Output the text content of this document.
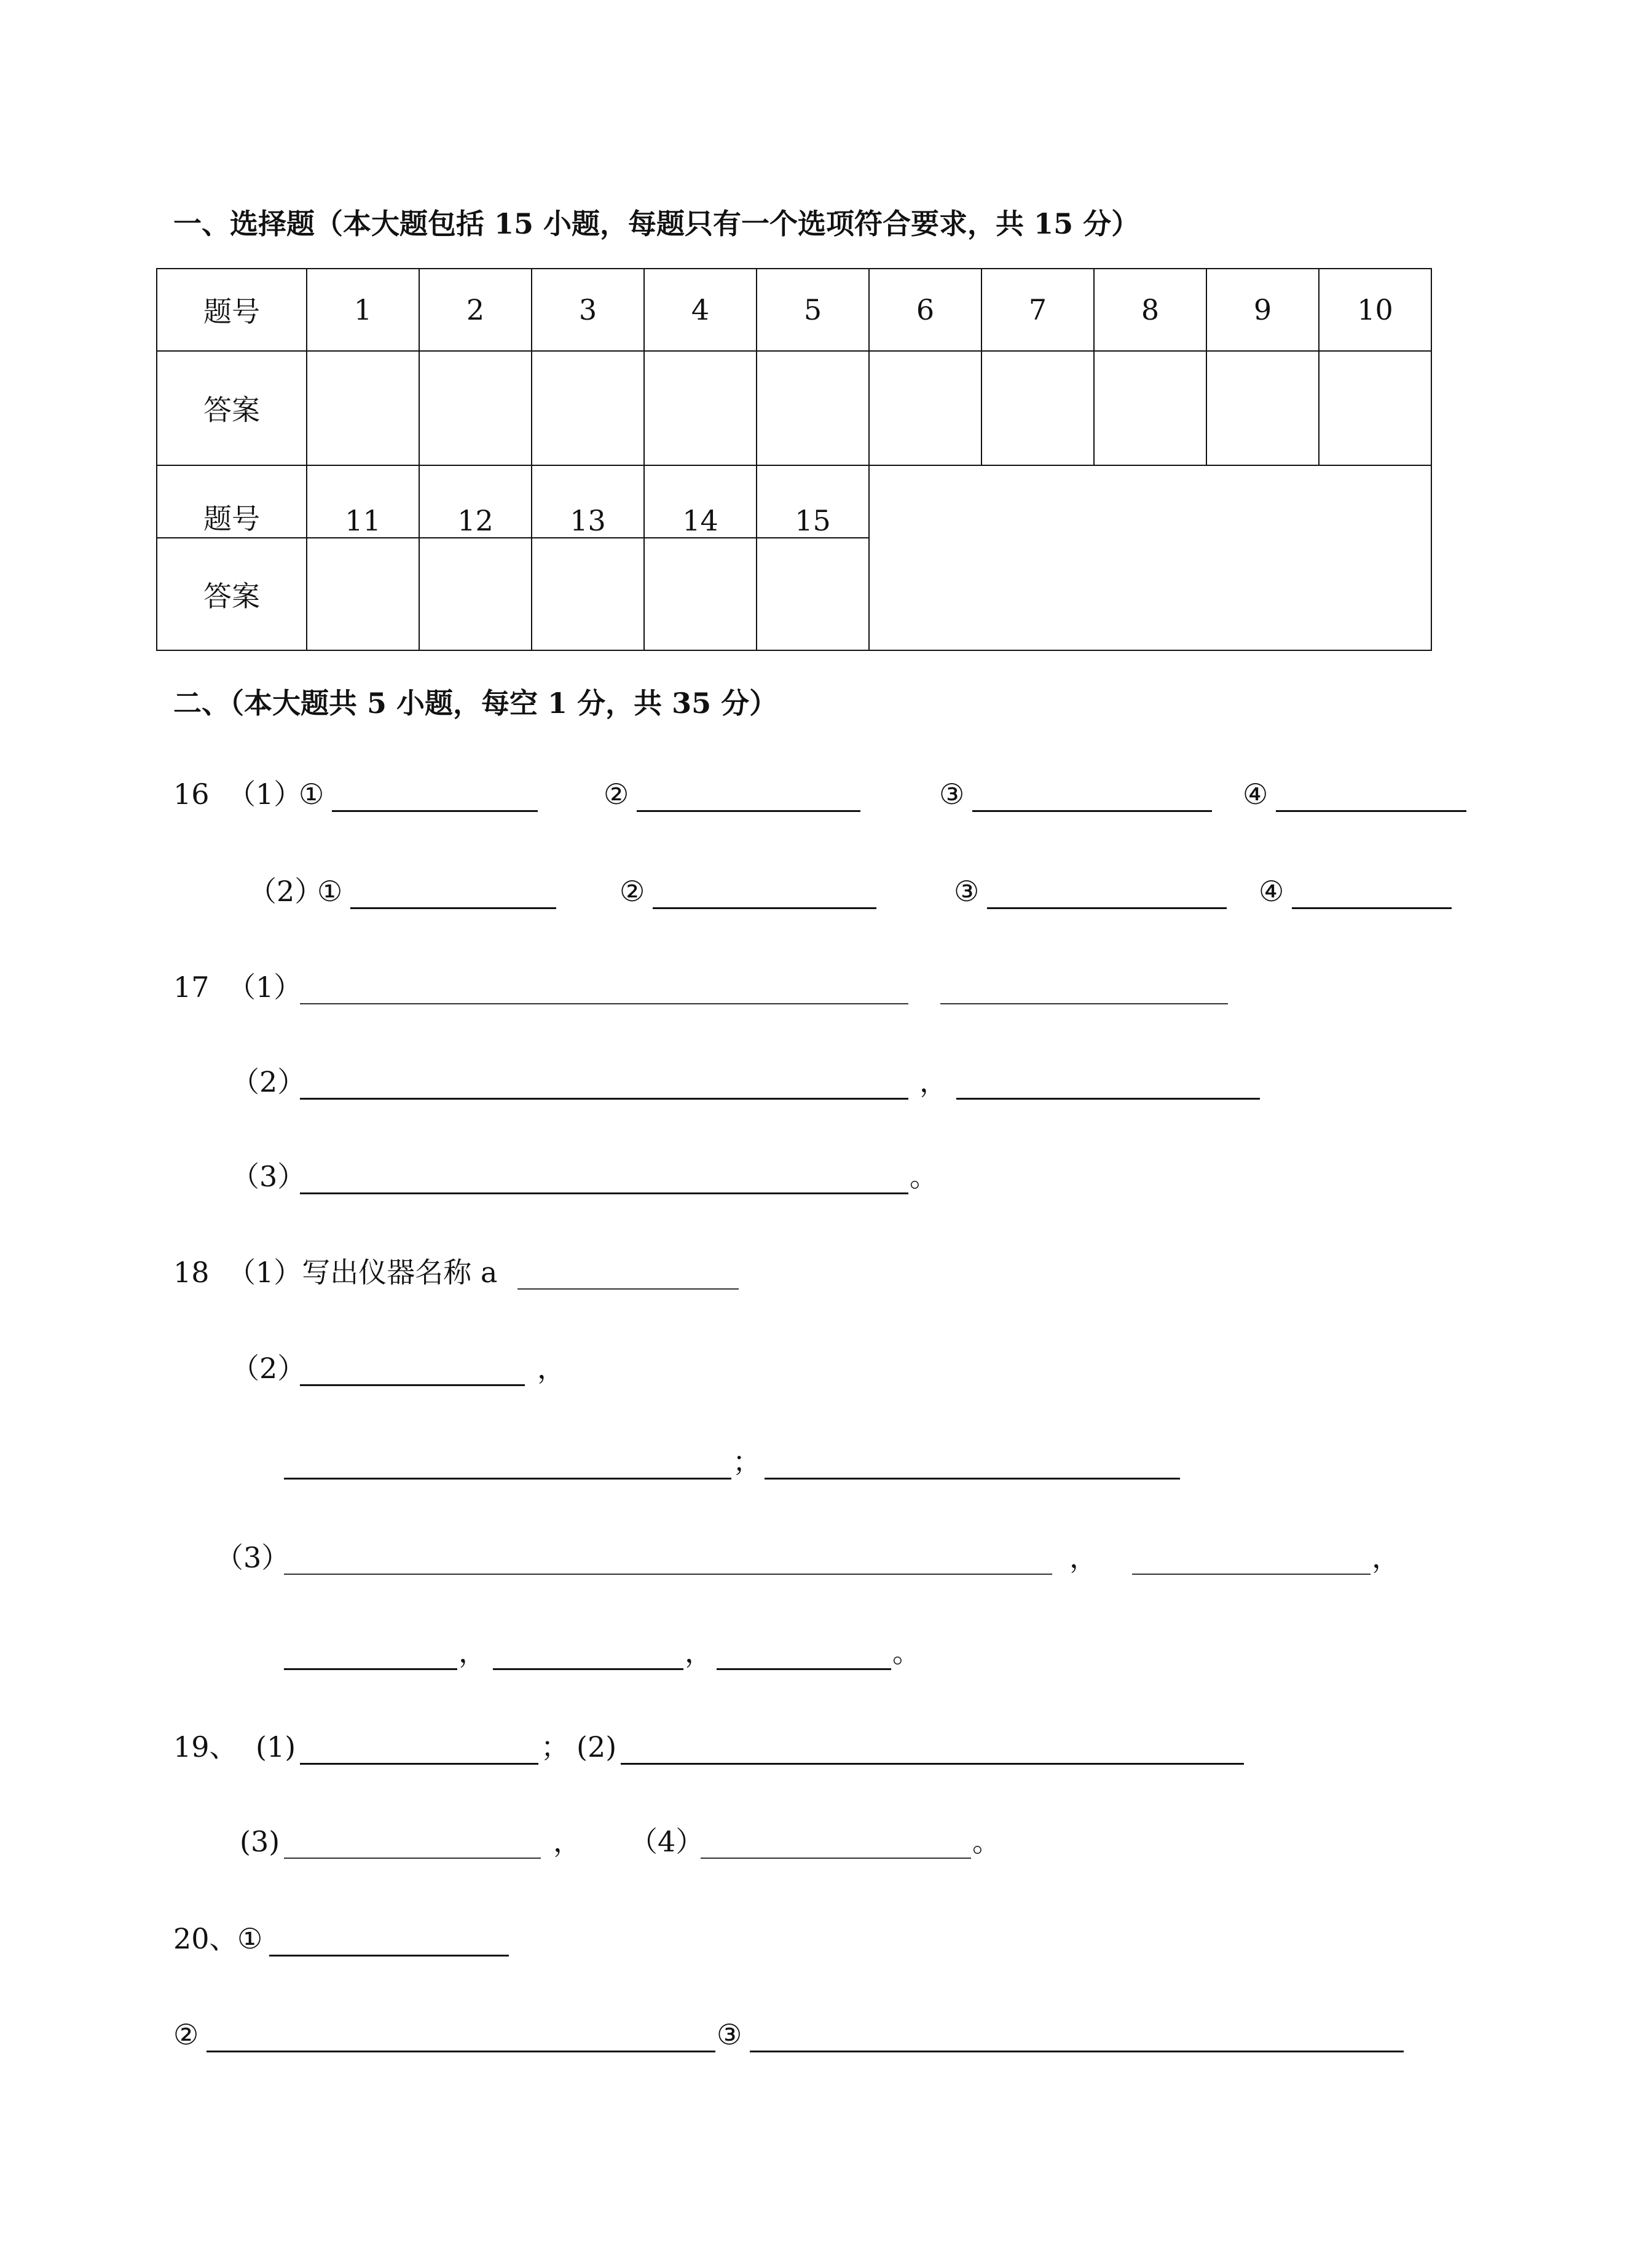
一、选择题（本大题包括 15 小题，每题只有一个选项符合要求，共 15 分）
题号	1	2	3	4	5	6	7	8	9	10
答案										
题号	11	12	13	14	15					
答案										
二、（本大题共 5 小题，每空 1 分，共 35 分）
16 （1）
①	②	③	④
（2）
①	②	③	④
17 （1）
（2）	，
（3）	。
18 （1）写出仪器名称 a
（2）	，
；
（3）	，	，
，	，	。
19、 (1)	； (2)
(3)	， （4）	。
20、 ①
②	③
